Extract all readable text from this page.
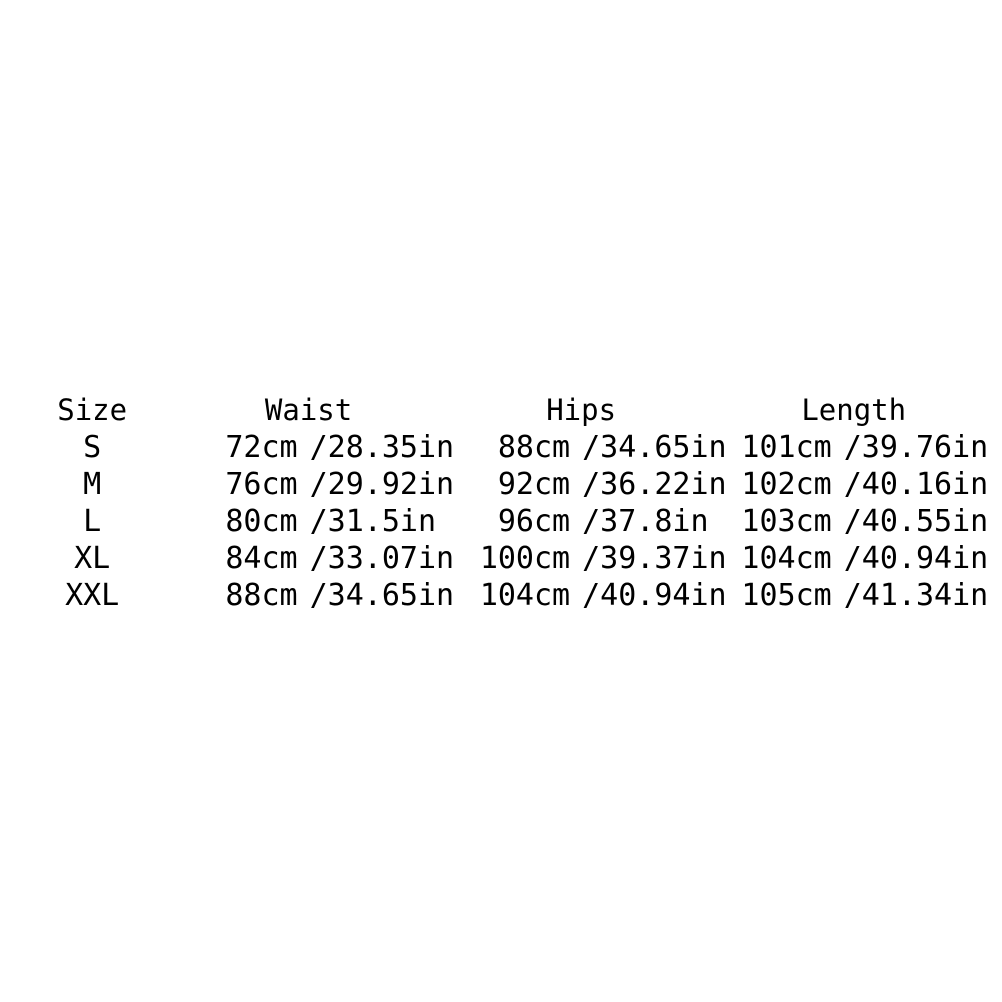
Size	Waist	Hips	Length
S	72cm /28.35in	88cm /34.65in	101cm /39.76in
M	76cm /29.92in	92cm /36.22in	102cm /40.16in
L	80cm /31.5in	96cm /37.8in	103cm /40.55in
XL	84cm /33.07in	100cm /39.37in	104cm /40.94in
XXL	88cm /34.65in	104cm /40.94in	105cm /41.34in
